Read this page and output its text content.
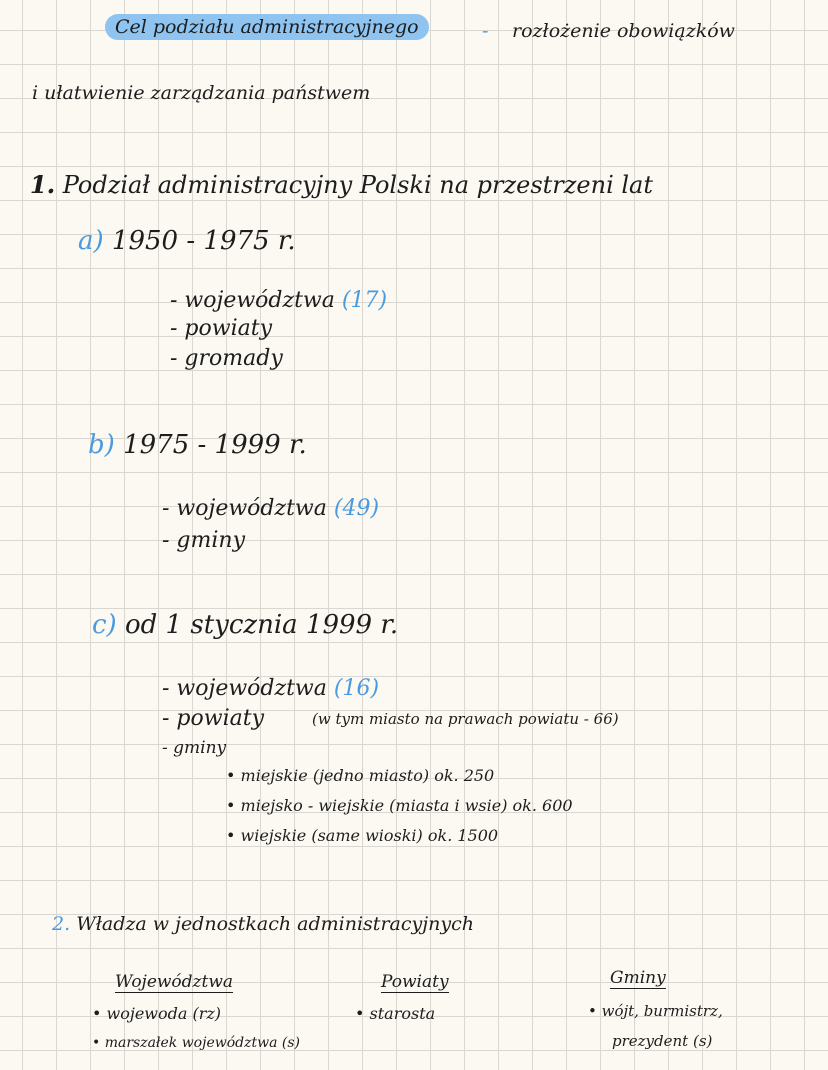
Cel podziału administracyjnego	- rozłożenie obowiązków
i ułatwienie zarządzania państwem
1. Podział administracyjny Polski na przestrzeni lat
a) 1950 - 1975 r.
- województwa (17)
- powiaty
- gromady
b) 1975 - 1999 r.
- województwa (49)
- gminy
c) od 1 stycznia 1999 r.
- województwa (16)
- powiaty	(w tym miasto na prawach powiatu - 66)
- gminy
• miejskie (jedno miasto) ok. 250
• miejsko - wiejskie (miasta i wsie) ok. 600
• wiejskie (same wioski) ok. 1500
2. Władza w jednostkach administracyjnych
Województwa
• wojewoda (rz)
• marszałek województwa (s)
Powiaty
• starosta
Gminy
• wójt, burmistrz,
prezydent (s)
